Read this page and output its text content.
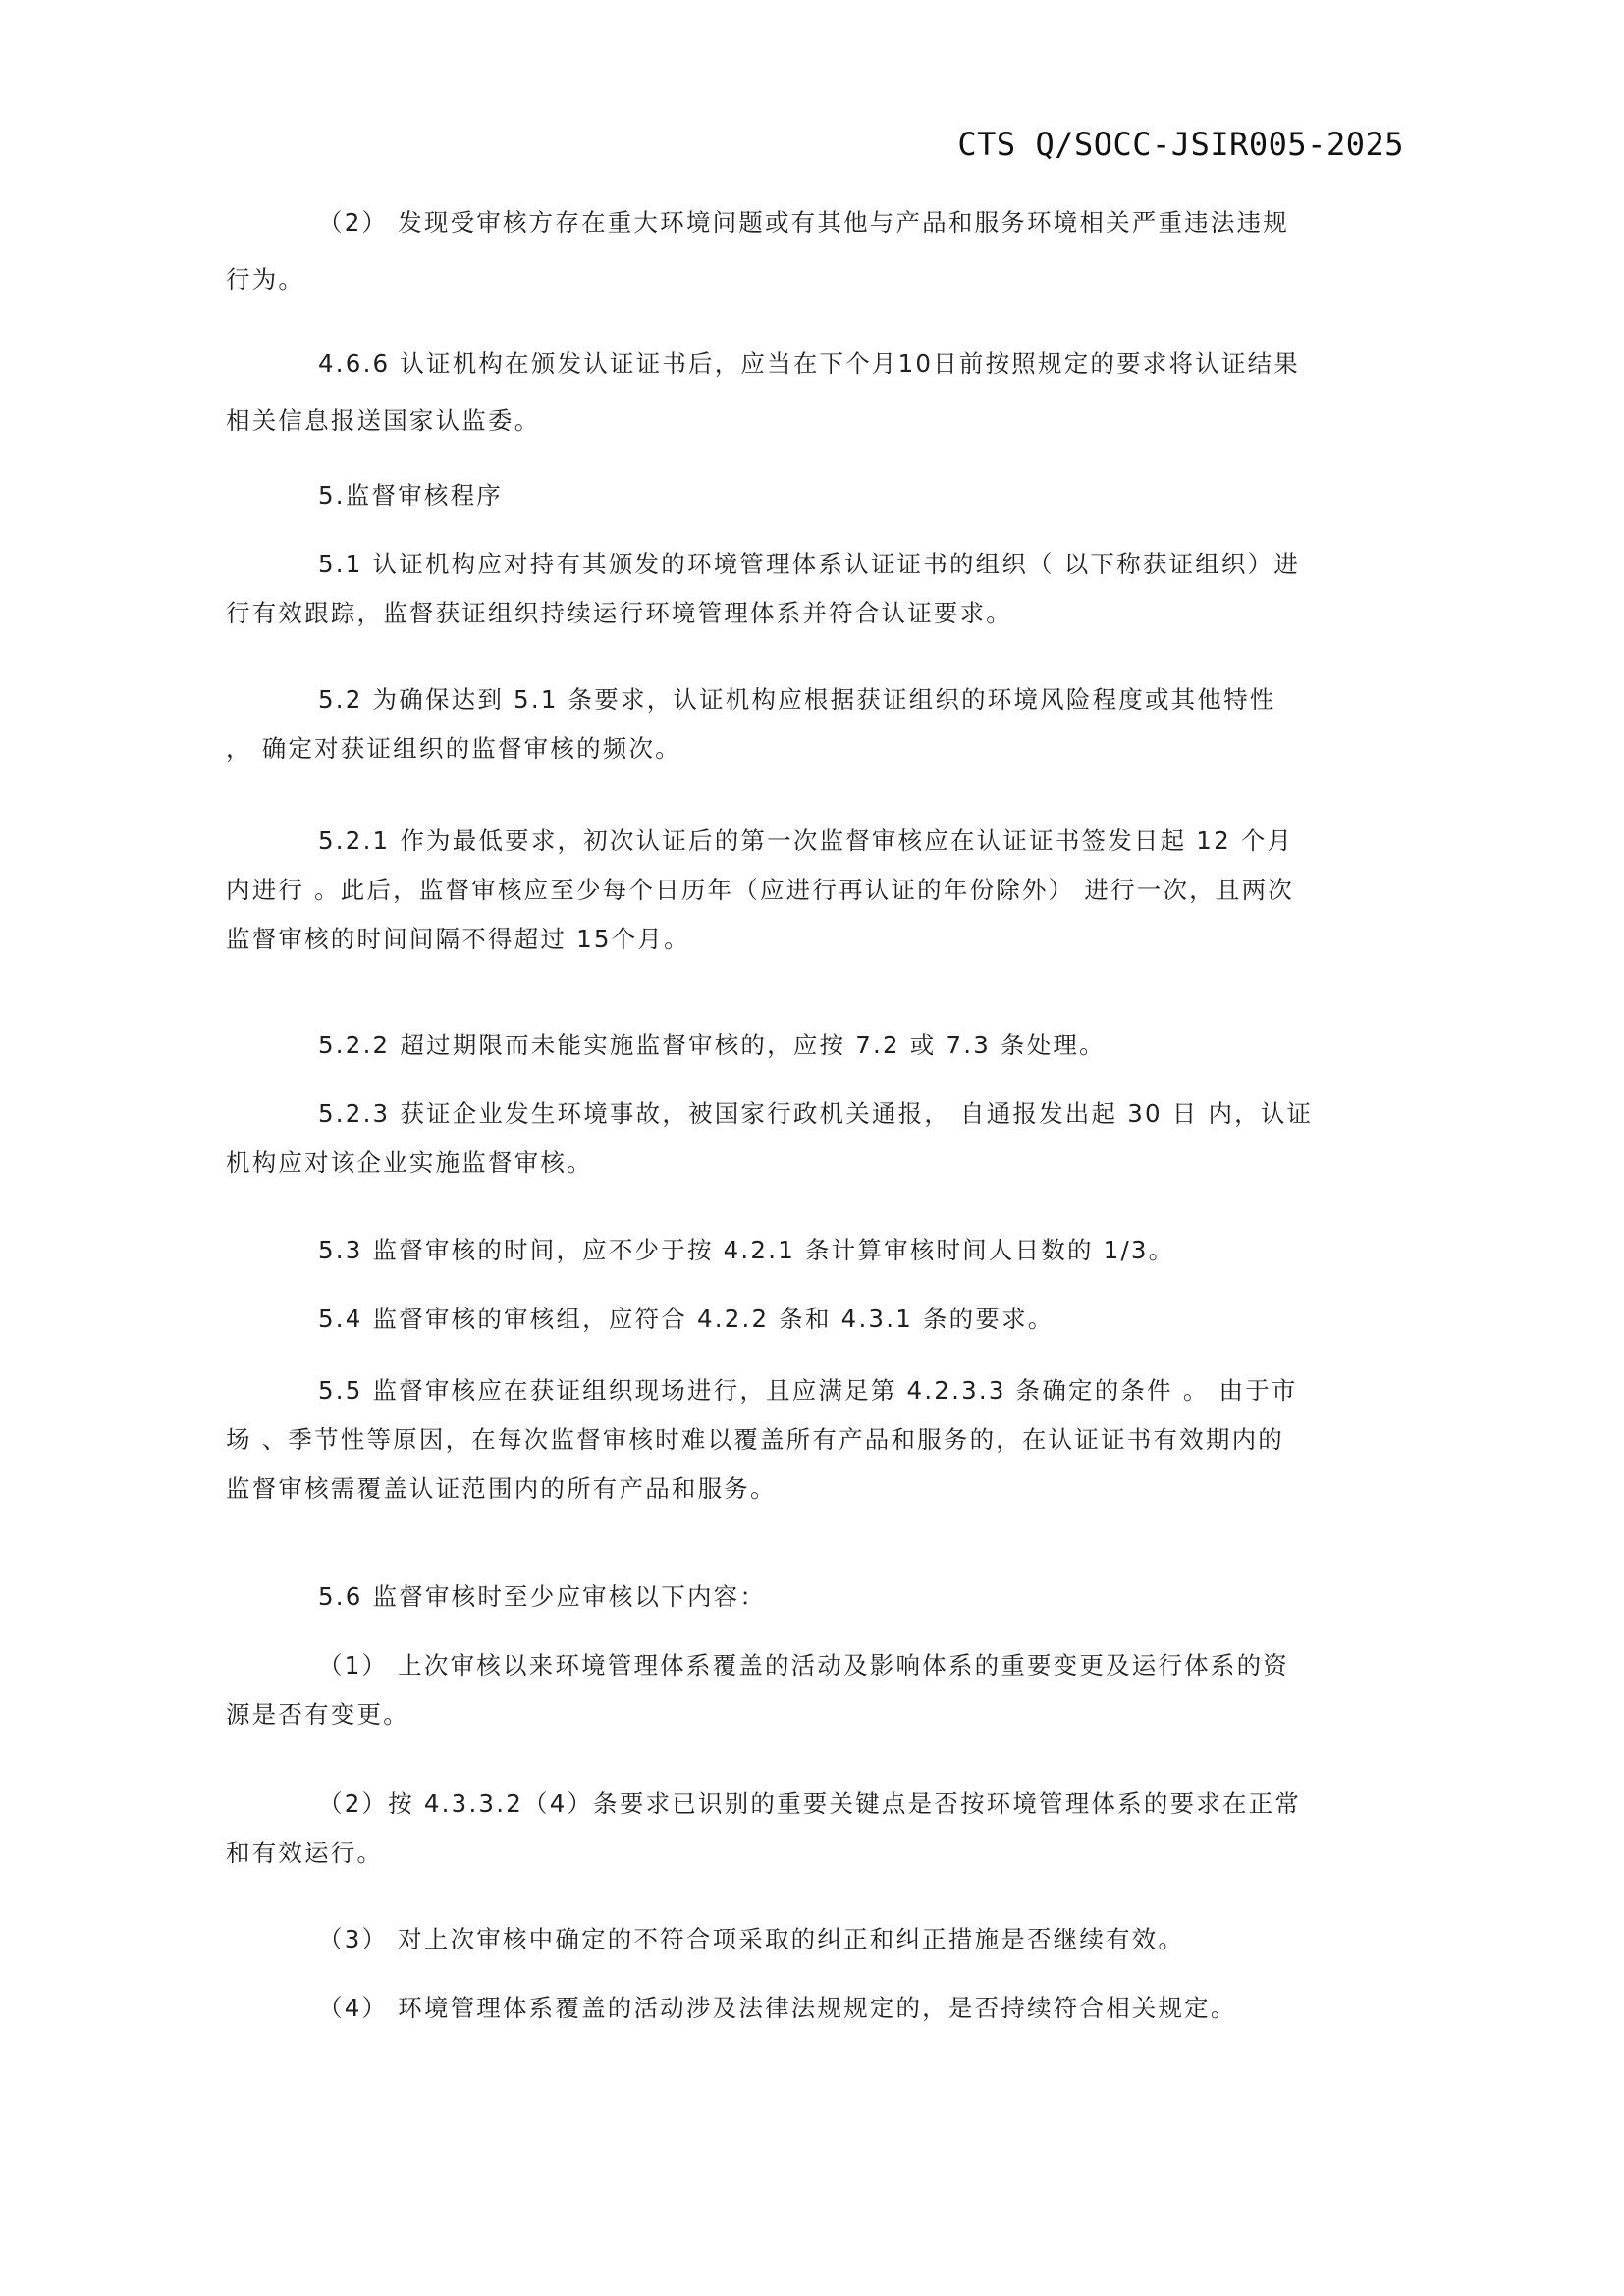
CTS Q/SOCC-JSIR005-2025
（2） 发现受审核方存在重大环境问题或有其他与产品和服务环境相关严重违法违规
行为。
4.6.6 认证机构在颁发认证证书后，应当在下个月10日前按照规定的要求将认证结果
相关信息报送国家认监委。
5.监督审核程序
5.1 认证机构应对持有其颁发的环境管理体系认证证书的组织（ 以下称获证组织）进
行有效跟踪，监督获证组织持续运行环境管理体系并符合认证要求。
5.2 为确保达到 5.1 条要求，认证机构应根据获证组织的环境风险程度或其他特性
， 确定对获证组织的监督审核的频次。
5.2.1 作为最低要求，初次认证后的第一次监督审核应在认证证书签发日起 12 个月
内进行 。此后，监督审核应至少每个日历年（应进行再认证的年份除外） 进行一次，且两次
监督审核的时间间隔不得超过 15个月。
5.2.2 超过期限而未能实施监督审核的，应按 7.2 或 7.3 条处理。
5.2.3 获证企业发生环境事故，被国家行政机关通报， 自通报发出起 30 日 内，认证
机构应对该企业实施监督审核。
5.3 监督审核的时间，应不少于按 4.2.1 条计算审核时间人日数的 1/3。
5.4 监督审核的审核组，应符合 4.2.2 条和 4.3.1 条的要求。
5.5 监督审核应在获证组织现场进行，且应满足第 4.2.3.3 条确定的条件 。 由于市
场 、季节性等原因，在每次监督审核时难以覆盖所有产品和服务的，在认证证书有效期内的
监督审核需覆盖认证范围内的所有产品和服务。
5.6 监督审核时至少应审核以下内容：
（1） 上次审核以来环境管理体系覆盖的活动及影响体系的重要变更及运行体系的资
源是否有变更。
（2）按 4.3.3.2（4）条要求已识别的重要关键点是否按环境管理体系的要求在正常
和有效运行。
（3） 对上次审核中确定的不符合项采取的纠正和纠正措施是否继续有效。
（4） 环境管理体系覆盖的活动涉及法律法规规定的，是否持续符合相关规定。
